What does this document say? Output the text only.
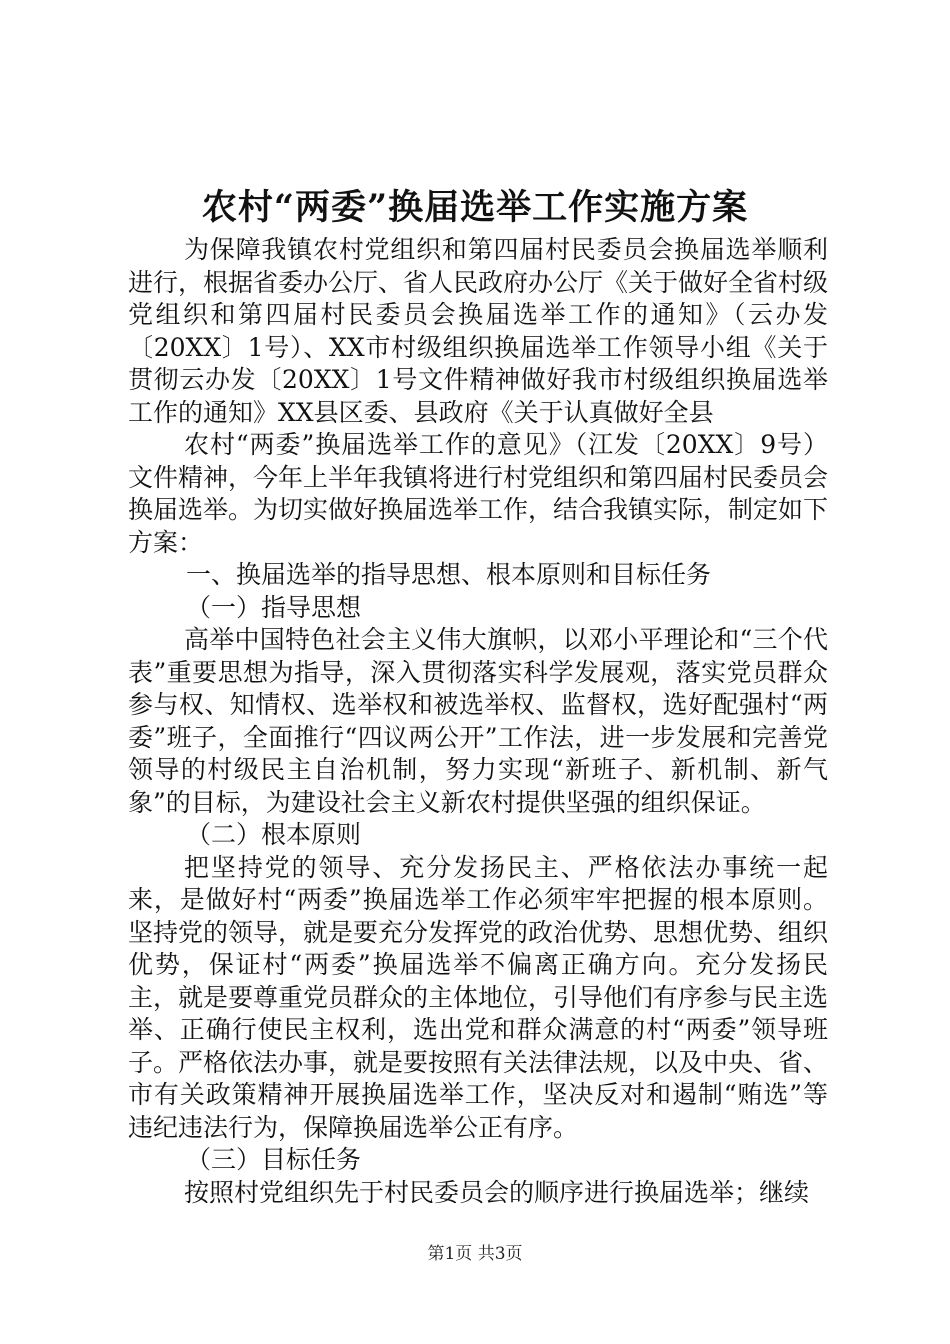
农村“两委”换届选举工作实施方案

为保障我镇农村党组织和第四届村民委员会换届选举顺利进行，根据省委办公厅、省人民政府办公厅《关于做好全省村级党组织和第四届村民委员会换届选举工作的通知》（云办发〔20XX〕1号）、XX市村级组织换届选举工作领导小组《关于贯彻云办发〔20XX〕1号文件精神做好我市村级组织换届选举工作的通知》XX县区委、县政府《关于认真做好全县

农村“两委”换届选举工作的意见》（江发〔20XX〕9号）文件精神，今年上半年我镇将进行村党组织和第四届村民委员会换届选举。为切实做好换届选举工作，结合我镇实际，制定如下方案：

一、换届选举的指导思想、根本原则和目标任务

（一）指导思想

高举中国特色社会主义伟大旗帜，以邓小平理论和“三个代表”重要思想为指导，深入贯彻落实科学发展观，落实党员群众参与权、知情权、选举权和被选举权、监督权，选好配强村“两委”班子，全面推行“四议两公开”工作法，进一步发展和完善党领导的村级民主自治机制，努力实现“新班子、新机制、新气象”的目标，为建设社会主义新农村提供坚强的组织保证。

（二）根本原则

把坚持党的领导、充分发扬民主、严格依法办事统一起来，是做好村“两委”换届选举工作必须牢牢把握的根本原则。坚持党的领导，就是要充分发挥党的政治优势、思想优势、组织优势，保证村“两委”换届选举不偏离正确方向。充分发扬民主，就是要尊重党员群众的主体地位，引导他们有序参与民主选举、正确行使民主权利，选出党和群众满意的村“两委”领导班子。严格依法办事，就是要按照有关法律法规，以及中央、省、市有关政策精神开展换届选举工作，坚决反对和遏制“贿选”等违纪违法行为，保障换届选举公正有序。

（三）目标任务

按照村党组织先于村民委员会的顺序进行换届选举；继续

第1页 共3页
